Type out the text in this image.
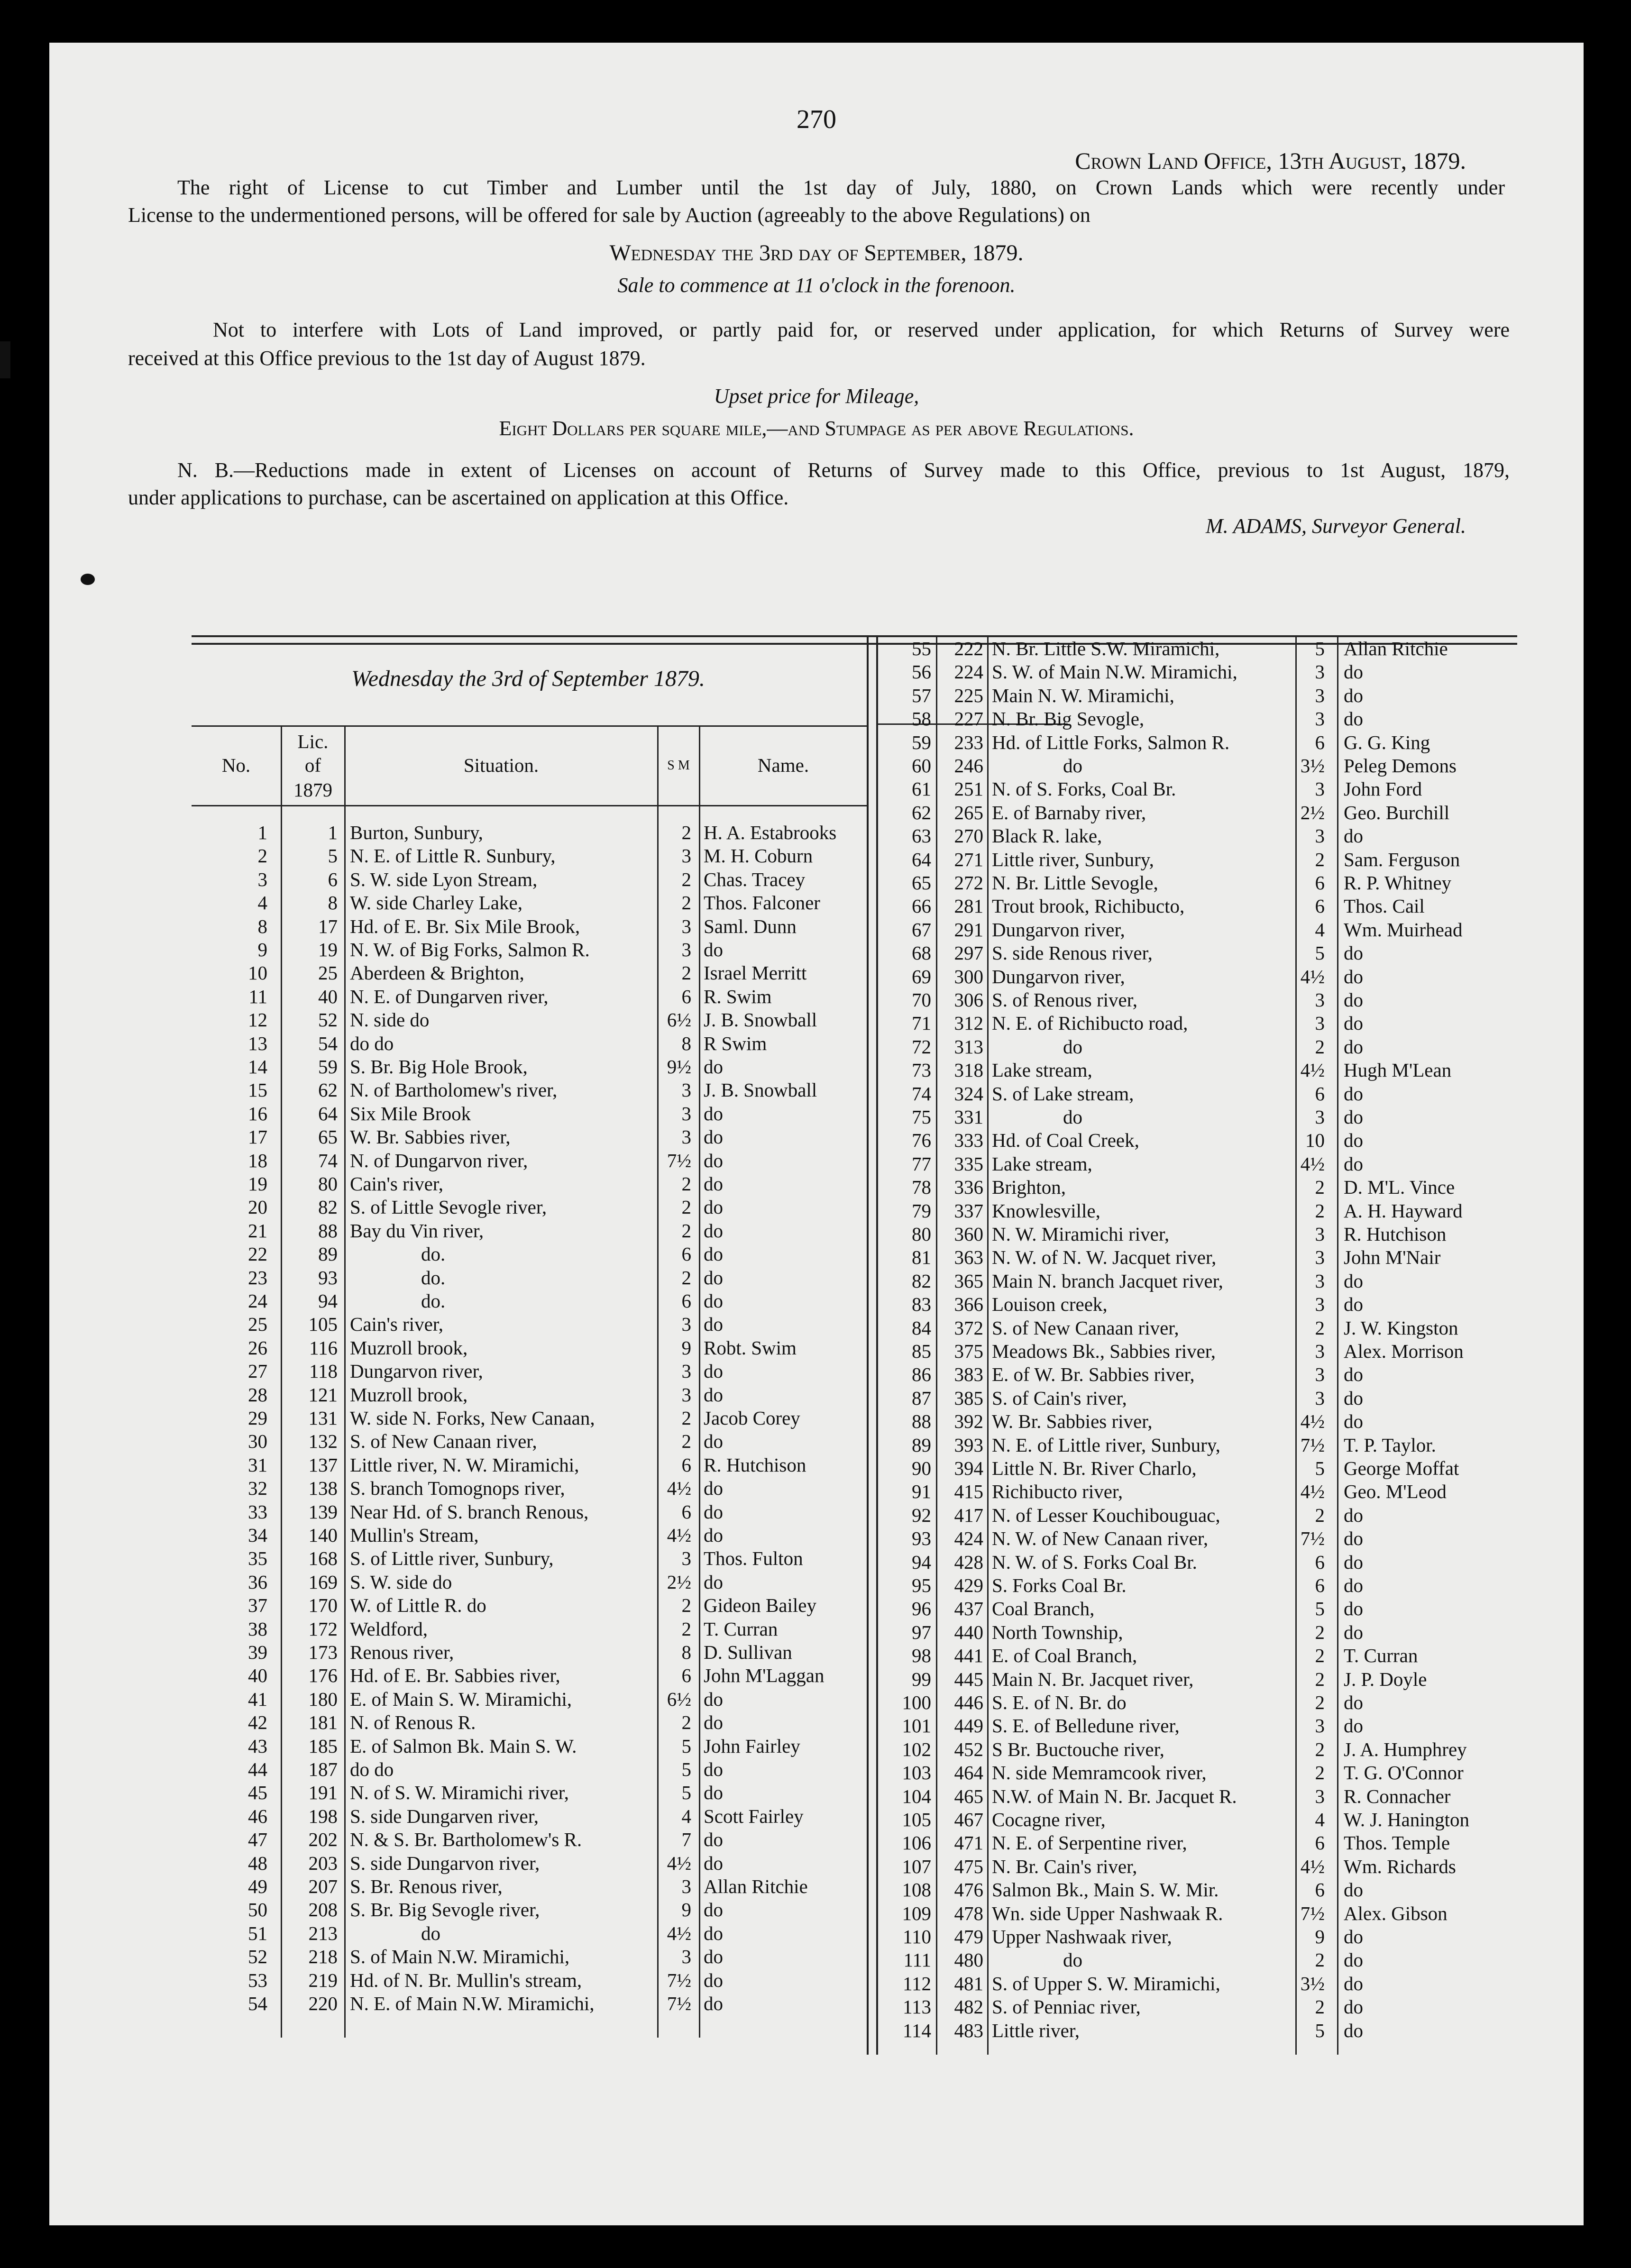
270
Crown Land Office, 13th August, 1879.
The right of License to cut Timber and Lumber until the 1st day of July, 1880, on Crown Lands which were recently under
License to the undermentioned persons, will be offered for sale by Auction (agreeably to the above Regulations) on
Wednesday the 3rd day of September, 1879.
Sale to commence at 11 o'clock in the forenoon.
Not to interfere with Lots of Land improved, or partly paid for, or reserved under application, for which Returns of Survey were
received at this Office previous to the 1st day of August 1879.
Upset price for Mileage,
Eight Dollars per square mile,—and Stumpage as per above Regulations.
N. B.—Reductions made in extent of Licenses on account of Returns of Survey made to this Office, previous to 1st August, 1879,
under applications to purchase, can be ascertained on application at this Office.
M. ADAMS, Surveyor General.
Wednesday the 3rd of September 1879.
No.
Lic.
of
1879
Situation.	S M	Name.
1	1 Burton, Sunbury,	2 H. A. Estabrooks
2	5 N. E. of Little R. Sunbury,	3 M. H. Coburn
3	6 S. W. side Lyon Stream,	2 Chas. Tracey
4	8 W. side Charley Lake,	2 Thos. Falconer
8	17 Hd. of E. Br. Six Mile Brook,	3 Saml. Dunn
9	19 N. W. of Big Forks, Salmon R.	3 do
10	25 Aberdeen & Brighton,	2 Israel Merritt
11	40 N. E. of Dungarven river,	6 R. Swim
12	52 N. side do	6½ J. B. Snowball
13	54 do do	8 R Swim
14	59 S. Br. Big Hole Brook,	9½ do
15	62 N. of Bartholomew's river,	3 J. B. Snowball
16	64 Six Mile Brook	3 do
17	65 W. Br. Sabbies river,	3 do
18	74 N. of Dungarvon river,	7½ do
19	80 Cain's river,	2 do
20	82 S. of Little Sevogle river,	2 do
21	88 Bay du Vin river,	2 do
22	89	do.	6 do
23	93	do.	2 do
24	94	do.	6 do
25	105 Cain's river,	3 do
26	116 Muzroll brook,	9 Robt. Swim
27	118 Dungarvon river,	3 do
28	121 Muzroll brook,	3 do
29	131 W. side N. Forks, New Canaan,	2 Jacob Corey
30	132 S. of New Canaan river,	2 do
31	137 Little river, N. W. Miramichi,	6 R. Hutchison
32	138 S. branch Tomognops river,	4½ do
33	139 Near Hd. of S. branch Renous,	6 do
34	140 Mullin's Stream,	4½ do
35	168 S. of Little river, Sunbury,	3 Thos. Fulton
36	169 S. W. side do	2½ do
37	170 W. of Little R. do	2 Gideon Bailey
38	172 Weldford,	2 T. Curran
39	173 Renous river,	8 D. Sullivan
40	176 Hd. of E. Br. Sabbies river,	6 John M'Laggan
41	180 E. of Main S. W. Miramichi,	6½ do
42	181 N. of Renous R.	2 do
43	185 E. of Salmon Bk. Main S. W.	5 John Fairley
44	187 do do	5 do
45	191 N. of S. W. Miramichi river,	5 do
46	198 S. side Dungarven river,	4 Scott Fairley
47	202 N. & S. Br. Bartholomew's R.	7 do
48	203 S. side Dungarvon river,	4½ do
49	207 S. Br. Renous river,	3 Allan Ritchie
50	208 S. Br. Big Sevogle river,	9 do
51	213	do	4½ do
52	218 S. of Main N.W. Miramichi,	3 do
53	219 Hd. of N. Br. Mullin's stream,	7½ do
54	220 N. E. of Main N.W. Miramichi,	7½ do
55	222 N. Br. Little S.W. Miramichi,	5 Allan Ritchie
56	224 S. W. of Main N.W. Miramichi,	3 do
57	225 Main N. W. Miramichi,	3 do
58	227 N. Br. Big Sevogle,	3 do
59	233 Hd. of Little Forks, Salmon R.	6 G. G. King
60	246	do	3½ Peleg Demons
61	251 N. of S. Forks, Coal Br.	3 John Ford
62	265 E. of Barnaby river,	2½ Geo. Burchill
63	270 Black R. lake,	3 do
64	271 Little river, Sunbury,	2 Sam. Ferguson
65	272 N. Br. Little Sevogle,	6 R. P. Whitney
66	281 Trout brook, Richibucto,	6 Thos. Cail
67	291 Dungarvon river,	4 Wm. Muirhead
68	297 S. side Renous river,	5 do
69	300 Dungarvon river,	4½ do
70	306 S. of Renous river,	3 do
71	312 N. E. of Richibucto road,	3 do
72	313	do	2 do
73	318 Lake stream,	4½ Hugh M'Lean
74	324 S. of Lake stream,	6 do
75	331	do	3 do
76	333 Hd. of Coal Creek,	10 do
77	335 Lake stream,	4½ do
78	336 Brighton,	2 D. M'L. Vince
79	337 Knowlesville,	2 A. H. Hayward
80	360 N. W. Miramichi river,	3 R. Hutchison
81	363 N. W. of N. W. Jacquet river,	3 John M'Nair
82	365 Main N. branch Jacquet river,	3 do
83	366 Louison creek,	3 do
84	372 S. of New Canaan river,	2 J. W. Kingston
85	375 Meadows Bk., Sabbies river,	3 Alex. Morrison
86	383 E. of W. Br. Sabbies river,	3 do
87	385 S. of Cain's river,	3 do
88	392 W. Br. Sabbies river,	4½ do
89	393 N. E. of Little river, Sunbury,	7½ T. P. Taylor.
90	394 Little N. Br. River Charlo,	5 George Moffat
91	415 Richibucto river,	4½ Geo. M'Leod
92	417 N. of Lesser Kouchibouguac,	2 do
93	424 N. W. of New Canaan river,	7½ do
94	428 N. W. of S. Forks Coal Br.	6 do
95	429 S. Forks Coal Br.	6 do
96	437 Coal Branch,	5 do
97	440 North Township,	2 do
98	441 E. of Coal Branch,	2 T. Curran
99	445 Main N. Br. Jacquet river,	2 J. P. Doyle
100	446 S. E. of N. Br. do	2 do
101	449 S. E. of Belledune river,	3 do
102	452 S Br. Buctouche river,	2 J. A. Humphrey
103	464 N. side Memramcook river,	2 T. G. O'Connor
104	465 N.W. of Main N. Br. Jacquet R.	3 R. Connacher
105	467 Cocagne river,	4 W. J. Hanington
106	471 N. E. of Serpentine river,	6 Thos. Temple
107	475 N. Br. Cain's river,	4½ Wm. Richards
108	476 Salmon Bk., Main S. W. Mir.	6 do
109	478 Wn. side Upper Nashwaak R.	7½ Alex. Gibson
110	479 Upper Nashwaak river,	9 do
111	480	do	2 do
112	481 S. of Upper S. W. Miramichi,	3½ do
113	482 S. of Penniac river,	2 do
114	483 Little river,	5 do
